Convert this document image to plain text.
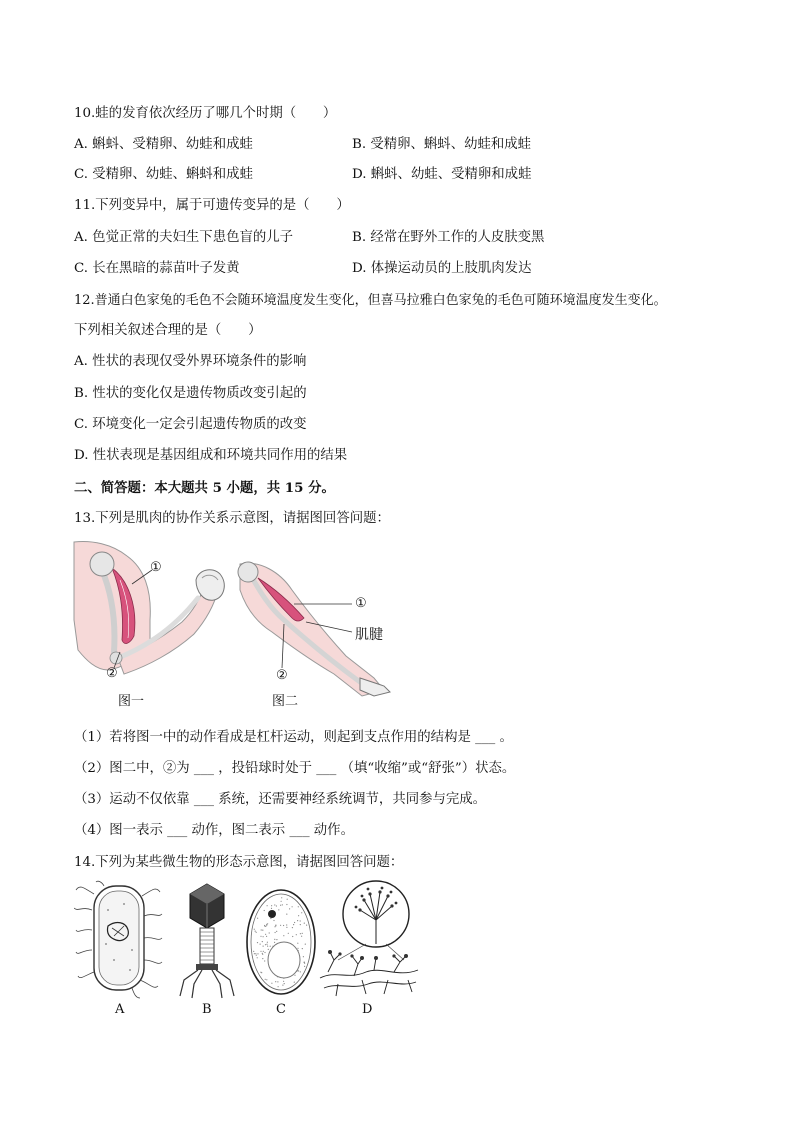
10.蛙的发育依次经历了哪几个时期（　　）
A. 蝌蚪、受精卵、幼蛙和成蛙	B. 受精卵、蝌蚪、幼蛙和成蛙
C. 受精卵、幼蛙、蝌蚪和成蛙	D. 蝌蚪、幼蛙、受精卵和成蛙
11.下列变异中，属于可遗传变异的是（　　）
A. 色觉正常的夫妇生下患色盲的儿子	B. 经常在野外工作的人皮肤变黑
C. 长在黑暗的蒜苗叶子发黄	D. 体操运动员的上肢肌肉发达
12.普通白色家兔的毛色不会随环境温度发生变化，但喜马拉雅白色家兔的毛色可随环境温度发生变化。
下列相关叙述合理的是（　　）
A. 性状的表现仅受外界环境条件的影响
B. 性状的变化仅是遗传物质改变引起的
C. 环境变化一定会引起遗传物质的改变
D. 性状表现是基因组成和环境共同作用的结果
二、简答题：本大题共 5 小题，共 15 分。
13.下列是肌肉的协作关系示意图，请据图回答问题：
①
②
图一
①
肌腱
②
图二
（1）若将图一中的动作看成是杠杆运动，则起到支点作用的结构是 ___ 。
（2）图二中，②为 ___ ，投铅球时处于 ___ （填“收缩”或“舒张”）状态。
（3）运动不仅依靠 ___ 系统，还需要神经系统调节，共同参与完成。
（4）图一表示 ___ 动作，图二表示 ___ 动作。
14.下列为某些微生物的形态示意图，请据图回答问题：
A	B	C	D
